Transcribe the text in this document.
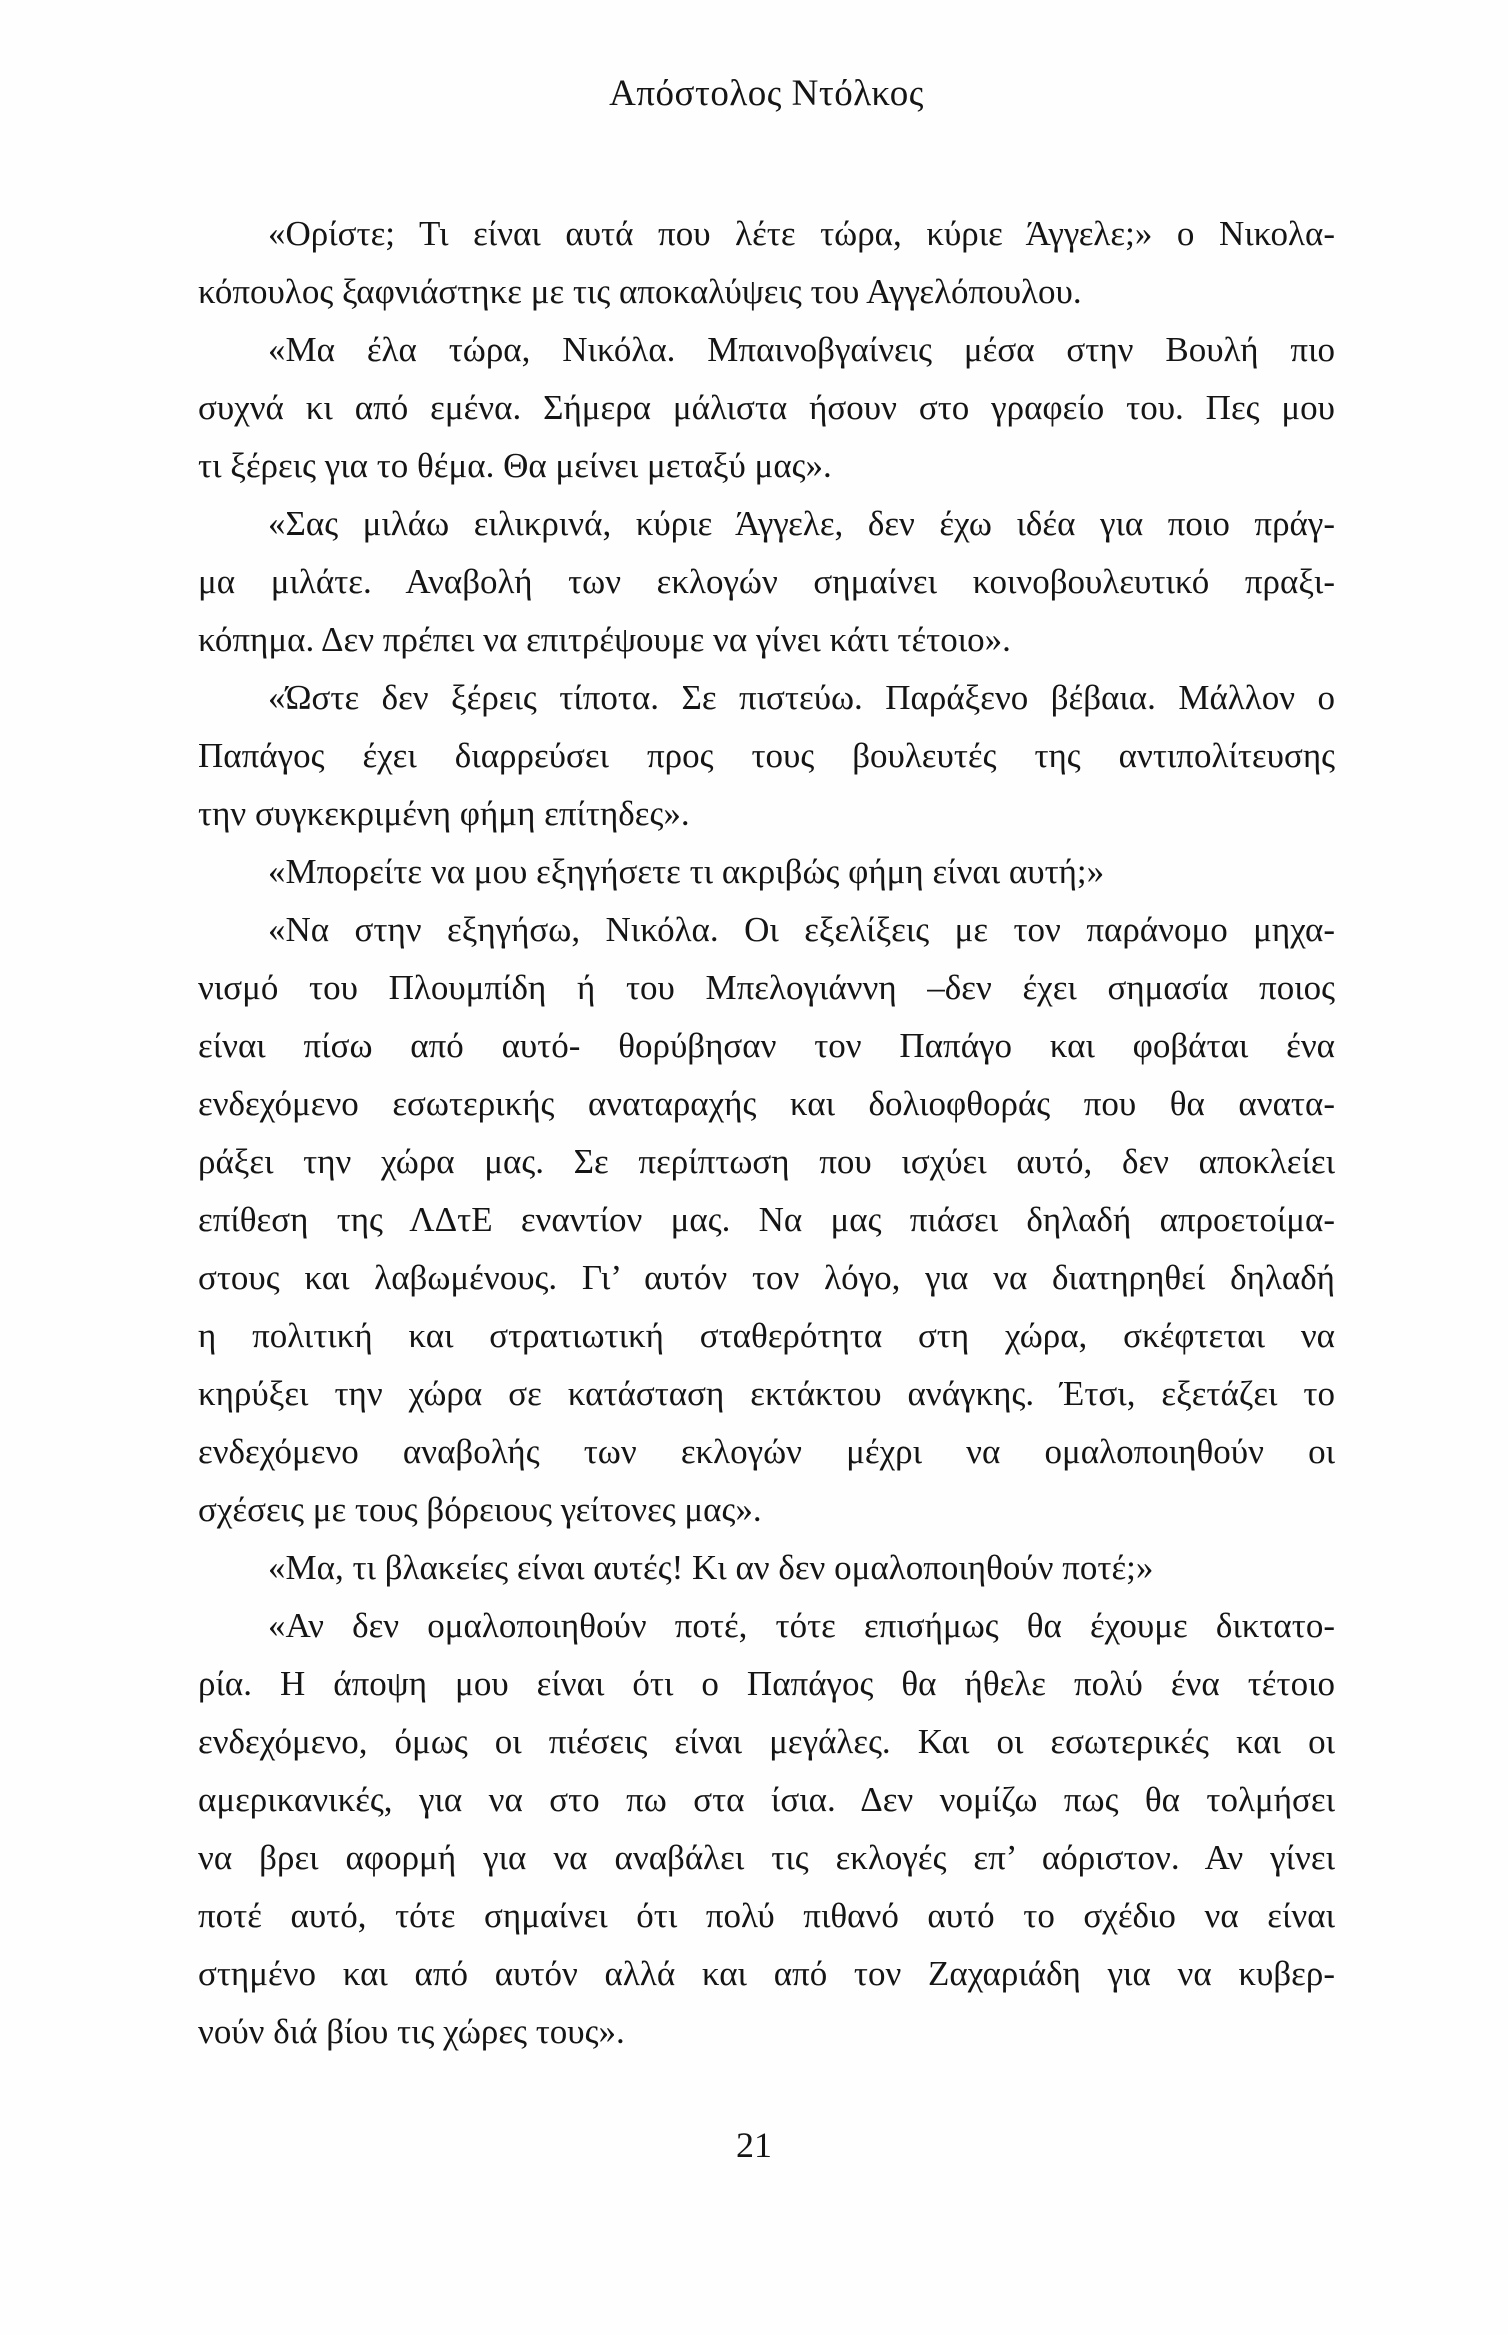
Απόστολος Ντόλκος
«Ορίστε; Τι είναι αυτά που λέτε τώρα, κύριε Άγγελε;» ο Νικολα-
κόπουλος ξαφνιάστηκε με τις αποκαλύψεις του Αγγελόπουλου.
«Μα έλα τώρα, Νικόλα. Μπαινοβγαίνεις μέσα στην Βουλή πιο
συχνά κι από εμένα. Σήμερα μάλιστα ήσουν στο γραφείο του. Πες μου
τι ξέρεις για το θέμα. Θα μείνει μεταξύ μας».
«Σας μιλάω ειλικρινά, κύριε Άγγελε, δεν έχω ιδέα για ποιο πράγ-
μα μιλάτε. Αναβολή των εκλογών σημαίνει κοινοβουλευτικό πραξι-
κόπημα. Δεν πρέπει να επιτρέψουμε να γίνει κάτι τέτοιο».
«Ώστε δεν ξέρεις τίποτα. Σε πιστεύω. Παράξενο βέβαια. Μάλλον ο
Παπάγος έχει διαρρεύσει προς τους βουλευτές της αντιπολίτευσης
την συγκεκριμένη φήμη επίτηδες».
«Μπορείτε να μου εξηγήσετε τι ακριβώς φήμη είναι αυτή;»
«Να στην εξηγήσω, Νικόλα. Οι εξελίξεις με τον παράνομο μηχα-
νισμό του Πλουμπίδη ή του Μπελογιάννη –δεν έχει σημασία ποιος
είναι πίσω από αυτό- θορύβησαν τον Παπάγο και φοβάται ένα
ενδεχόμενο εσωτερικής αναταραχής και δολιοφθοράς που θα ανατα-
ράξει την χώρα μας. Σε περίπτωση που ισχύει αυτό, δεν αποκλείει
επίθεση της ΛΔτΕ εναντίον μας. Να μας πιάσει δηλαδή απροετοίμα-
στους και λαβωμένους. Γι’ αυτόν τον λόγο, για να διατηρηθεί δηλαδή
η πολιτική και στρατιωτική σταθερότητα στη χώρα, σκέφτεται να
κηρύξει την χώρα σε κατάσταση εκτάκτου ανάγκης. Έτσι, εξετάζει το
ενδεχόμενο αναβολής των εκλογών μέχρι να ομαλοποιηθούν οι
σχέσεις με τους βόρειους γείτονες μας».
«Μα, τι βλακείες είναι αυτές! Κι αν δεν ομαλοποιηθούν ποτέ;»
«Αν δεν ομαλοποιηθούν ποτέ, τότε επισήμως θα έχουμε δικτατο-
ρία. Η άποψη μου είναι ότι ο Παπάγος θα ήθελε πολύ ένα τέτοιο
ενδεχόμενο, όμως οι πιέσεις είναι μεγάλες. Και οι εσωτερικές και οι
αμερικανικές, για να στο πω στα ίσια. Δεν νομίζω πως θα τολμήσει
να βρει αφορμή για να αναβάλει τις εκλογές επ’ αόριστον. Αν γίνει
ποτέ αυτό, τότε σημαίνει ότι πολύ πιθανό αυτό το σχέδιο να είναι
στημένο και από αυτόν αλλά και από τον Ζαχαριάδη για να κυβερ-
νούν διά βίου τις χώρες τους».
21
